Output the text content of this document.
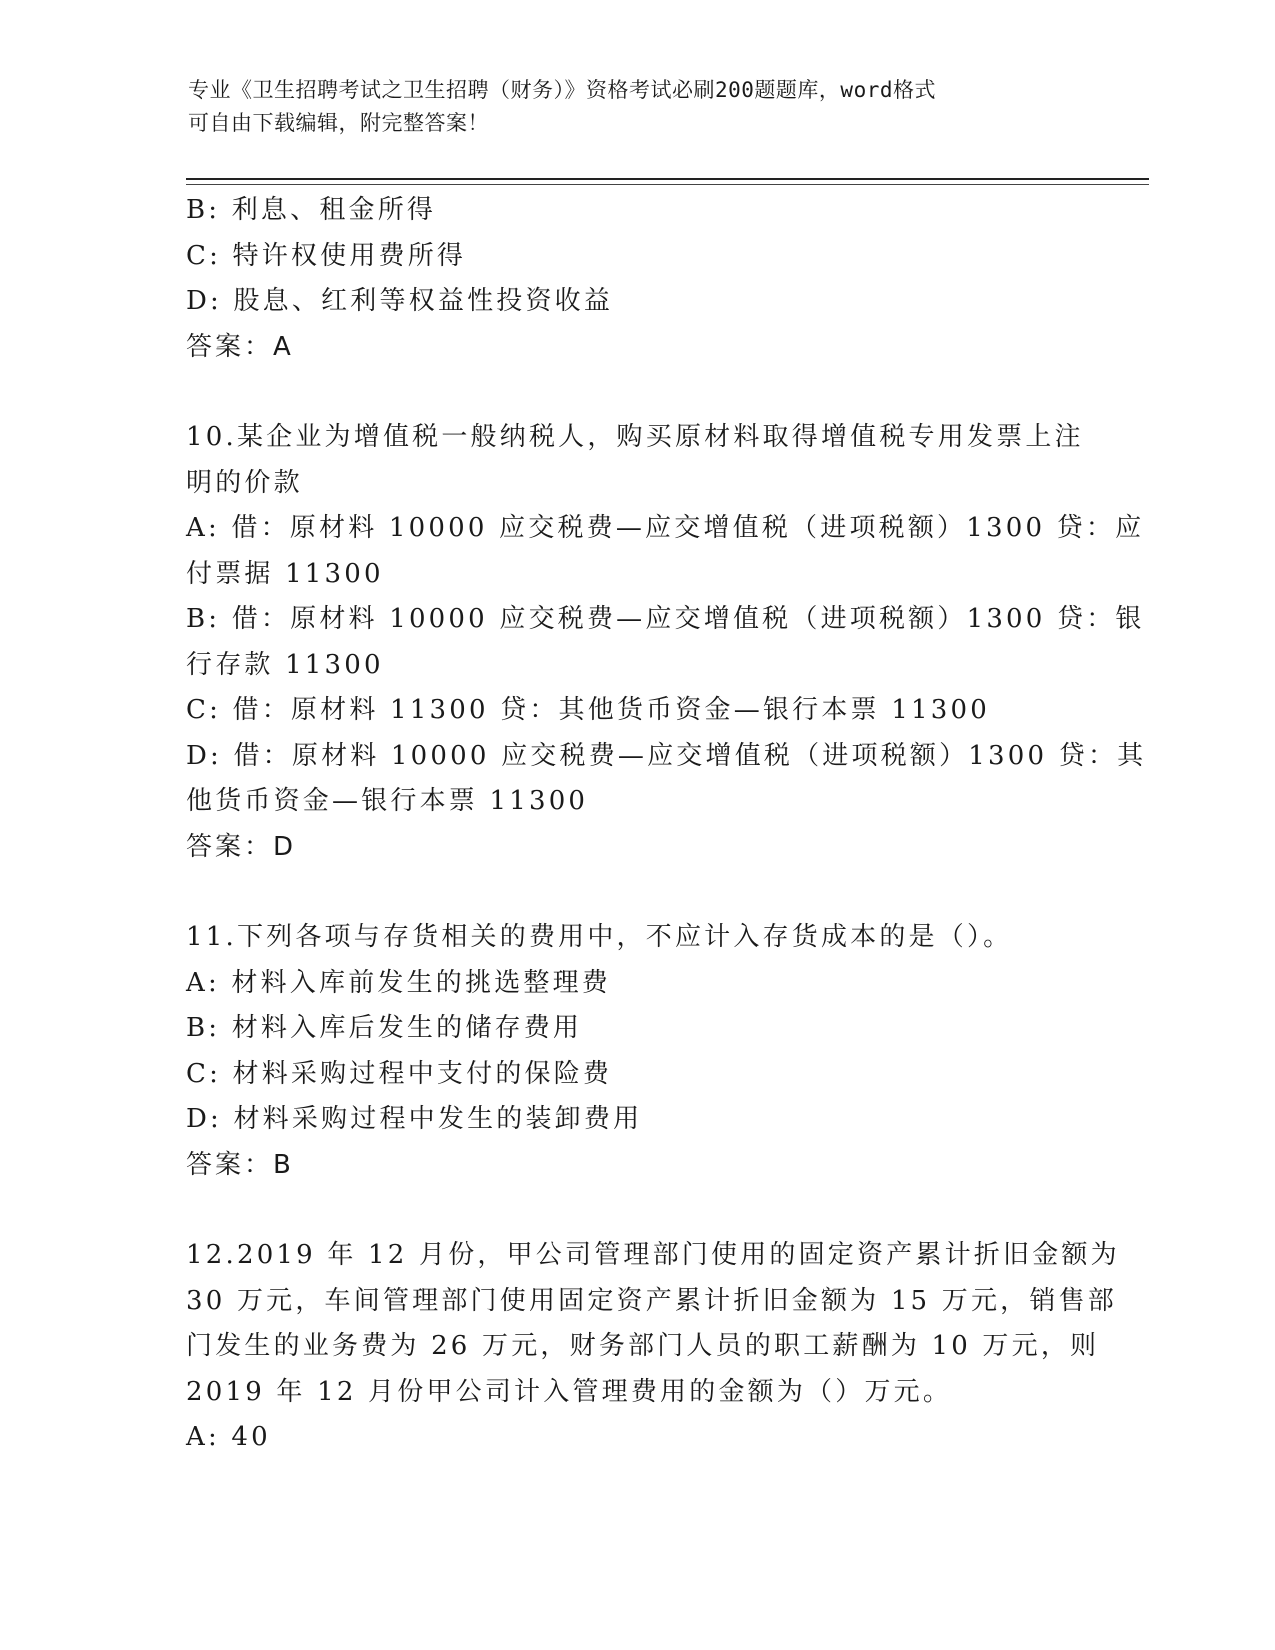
专业《卫生招聘考试之卫生招聘（财务）》资格考试必刷200题题库，word格式
可自由下载编辑，附完整答案！
B: 利息、租金所得
C: 特许权使用费所得
D: 股息、红利等权益性投资收益
答案：A
10.某企业为增值税一般纳税人，购买原材料取得增值税专用发票上注
明的价款
A: 借：原材料 10000 应交税费—应交增值税（进项税额）1300 贷：应
付票据 11300
B: 借：原材料 10000 应交税费—应交增值税（进项税额）1300 贷：银
行存款 11300
C: 借：原材料 11300 贷：其他货币资金—银行本票 11300
D: 借：原材料 10000 应交税费—应交增值税（进项税额）1300 贷：其
他货币资金—银行本票 11300
答案：D
11.下列各项与存货相关的费用中，不应计入存货成本的是（）。
A: 材料入库前发生的挑选整理费
B: 材料入库后发生的储存费用
C: 材料采购过程中支付的保险费
D: 材料采购过程中发生的装卸费用
答案：B
12.2019 年 12 月份，甲公司管理部门使用的固定资产累计折旧金额为
30 万元，车间管理部门使用固定资产累计折旧金额为 15 万元，销售部
门发生的业务费为 26 万元，财务部门人员的职工薪酬为 10 万元，则
2019 年 12 月份甲公司计入管理费用的金额为（）万元。
A: 40
